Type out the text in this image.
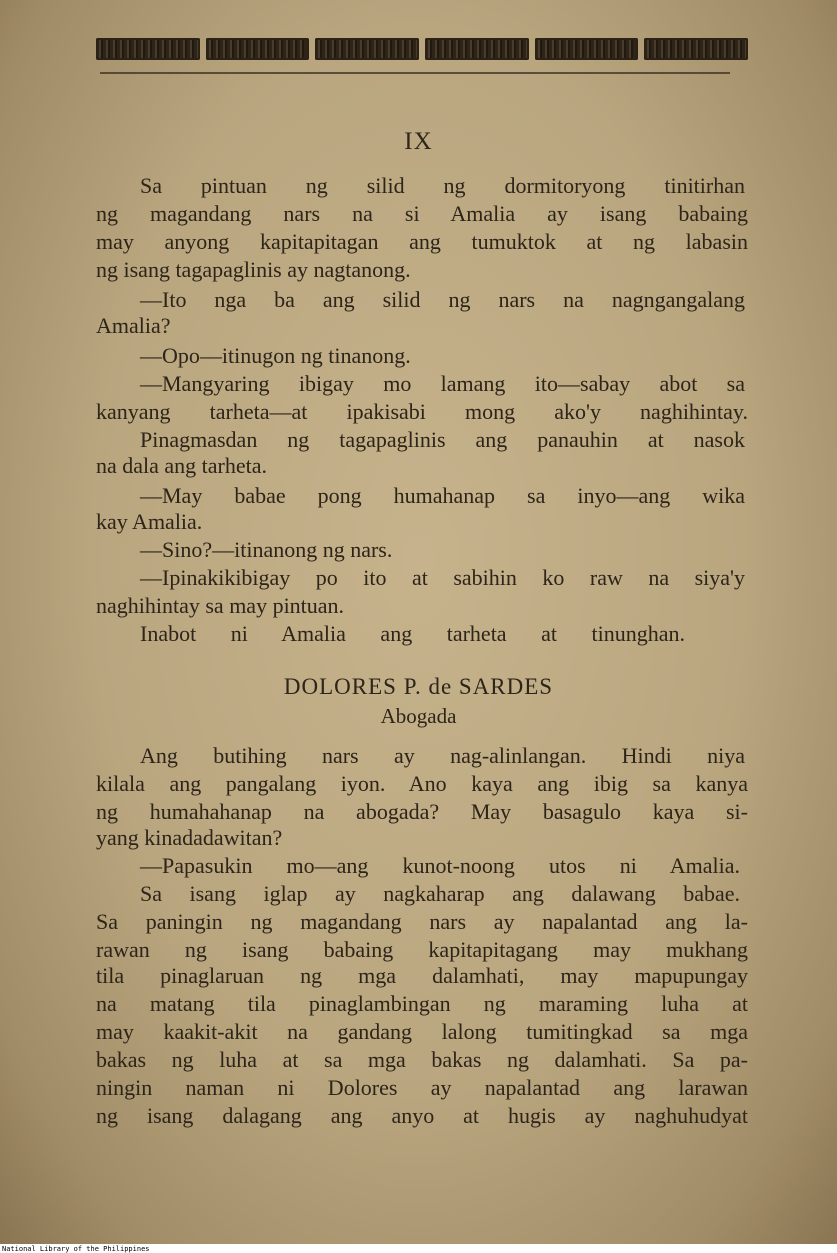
IX
Sa pintuan ng silid ng dormitoryong tinitirhan
ng magandang nars na si Amalia ay isang babaing
may anyong kapitapitagan ang tumuktok at ng labasin
ng isang tagapaglinis ay nagtanong.
—Ito nga ba ang silid ng nars na nagngangalang
Amalia?
—Opo—itinugon ng tinanong.
—Mangyaring ibigay mo lamang ito—sabay abot sa
kanyang tarheta—at ipakisabi mong ako'y naghihintay.
Pinagmasdan ng tagapaglinis ang panauhin at nasok
na dala ang tarheta.
—May babae pong humahanap sa inyo—ang wika
kay Amalia.
—Sino?—itinanong ng nars.
—Ipinakikibigay po ito at sabihin ko raw na siya'y
naghihintay sa may pintuan.
Inabot ni Amalia ang tarheta at tinunghan.
DOLORES P. de SARDES
Abogada
Ang butihing nars ay nag-alinlangan. Hindi niya
kilala ang pangalang iyon. Ano kaya ang ibig sa kanya
ng humahahanap na abogada? May basagulo kaya si-
yang kinadadawitan?
—Papasukin mo—ang kunot-noong utos ni Amalia.
Sa isang iglap ay nagkaharap ang dalawang babae.
Sa paningin ng magandang nars ay napalantad ang la-
rawan ng isang babaing kapitapitagang may mukhang
tila pinaglaruan ng mga dalamhati, may mapupungay
na matang tila pinaglambingan ng maraming luha at
may kaakit-akit na gandang lalong tumitingkad sa mga
bakas ng luha at sa mga bakas ng dalamhati. Sa pa-
ningin naman ni Dolores ay napalantad ang larawan
ng isang dalagang ang anyo at hugis ay naghuhudyat
National Library of the Philippines
